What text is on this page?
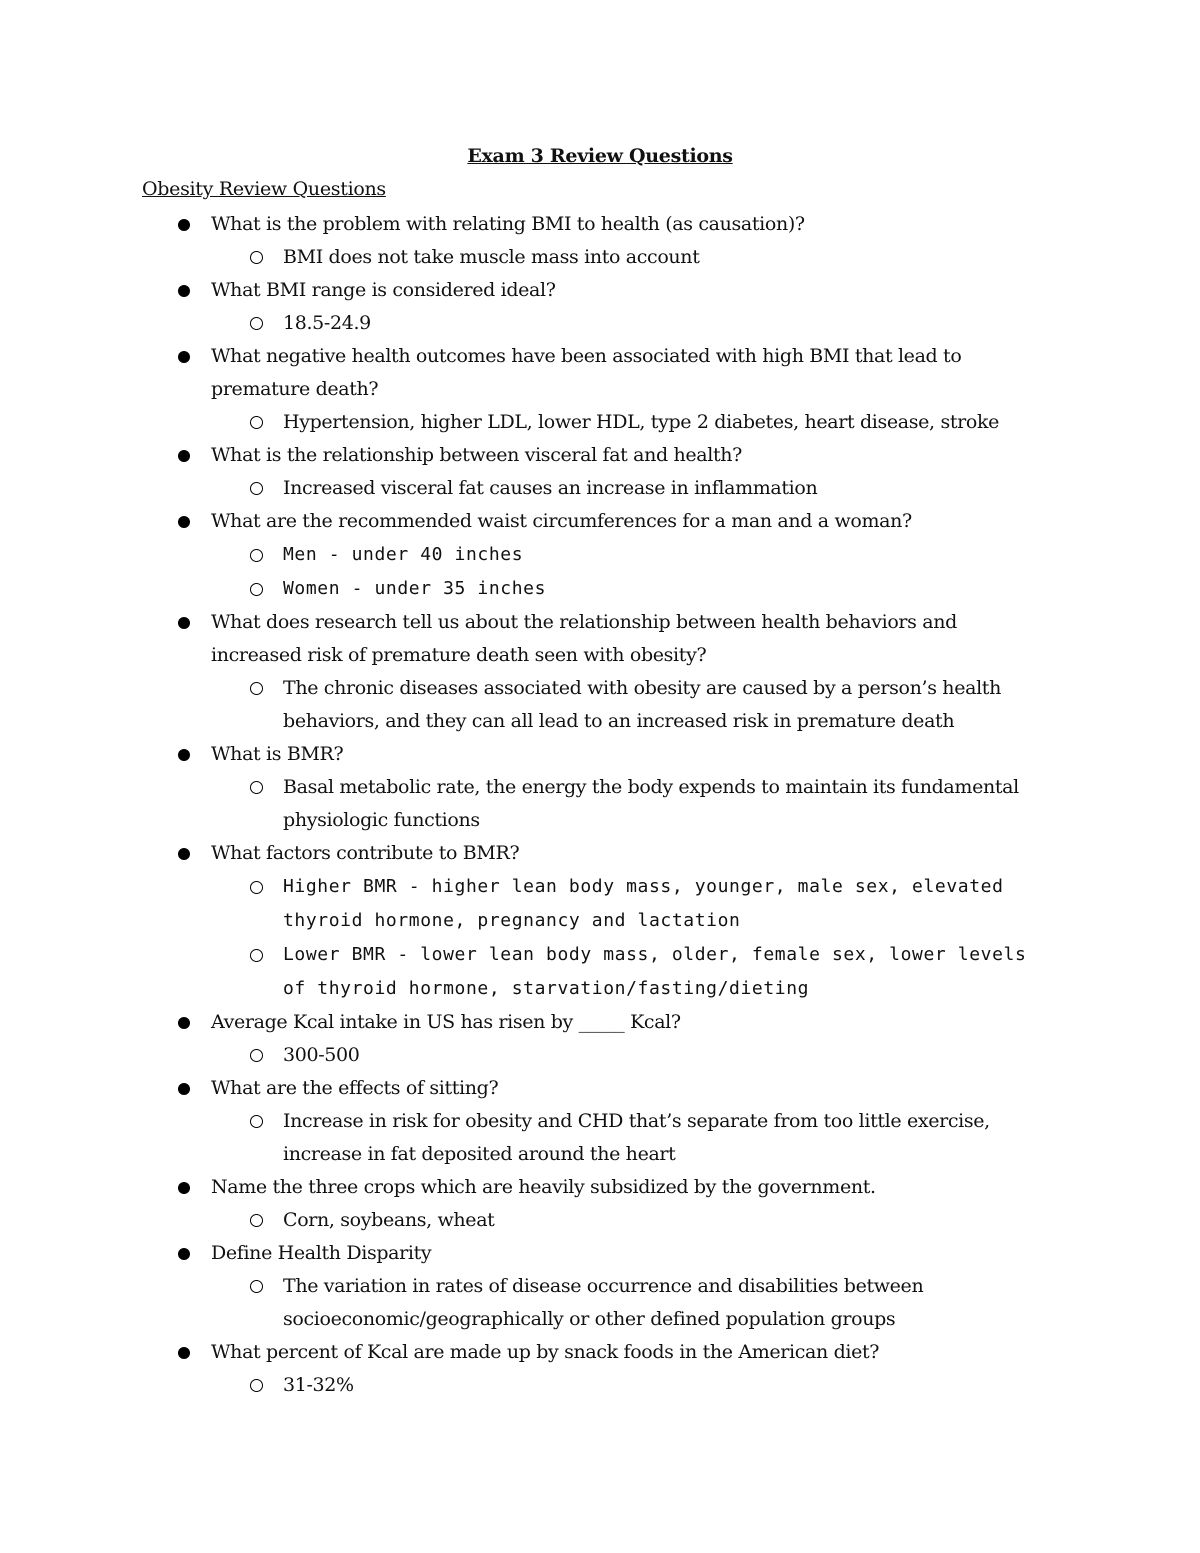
Exam 3 Review Questions
Obesity Review Questions
What is the problem with relating BMI to health (as causation)?
BMI does not take muscle mass into account
What BMI range is considered ideal?
18.5-24.9
What negative health outcomes have been associated with high BMI that lead to premature death?
Hypertension, higher LDL, lower HDL, type 2 diabetes, heart disease, stroke
What is the relationship between visceral fat and health?
Increased visceral fat causes an increase in inflammation
What are the recommended waist circumferences for a man and a woman?
Men - under 40 inches
Women - under 35 inches
What does research tell us about the relationship between health behaviors and increased risk of premature death seen with obesity?
The chronic diseases associated with obesity are caused by a person’s health behaviors, and they can all lead to an increased risk in premature death
What is BMR?
Basal metabolic rate, the energy the body expends to maintain its fundamental physiologic functions
What factors contribute to BMR?
Higher BMR - higher lean body mass, younger, male sex, elevated thyroid hormone, pregnancy and lactation
Lower BMR - lower lean body mass, older, female sex, lower levels of thyroid hormone, starvation/fasting/dieting
Average Kcal intake in US has risen by _____ Kcal?
300-500
What are the effects of sitting?
Increase in risk for obesity and CHD that’s separate from too little exercise, increase in fat deposited around the heart
Name the three crops which are heavily subsidized by the government.
Corn, soybeans, wheat
Define Health Disparity
The variation in rates of disease occurrence and disabilities between socioeconomic/geographically or other defined population groups
What percent of Kcal are made up by snack foods in the American diet?
31-32%
